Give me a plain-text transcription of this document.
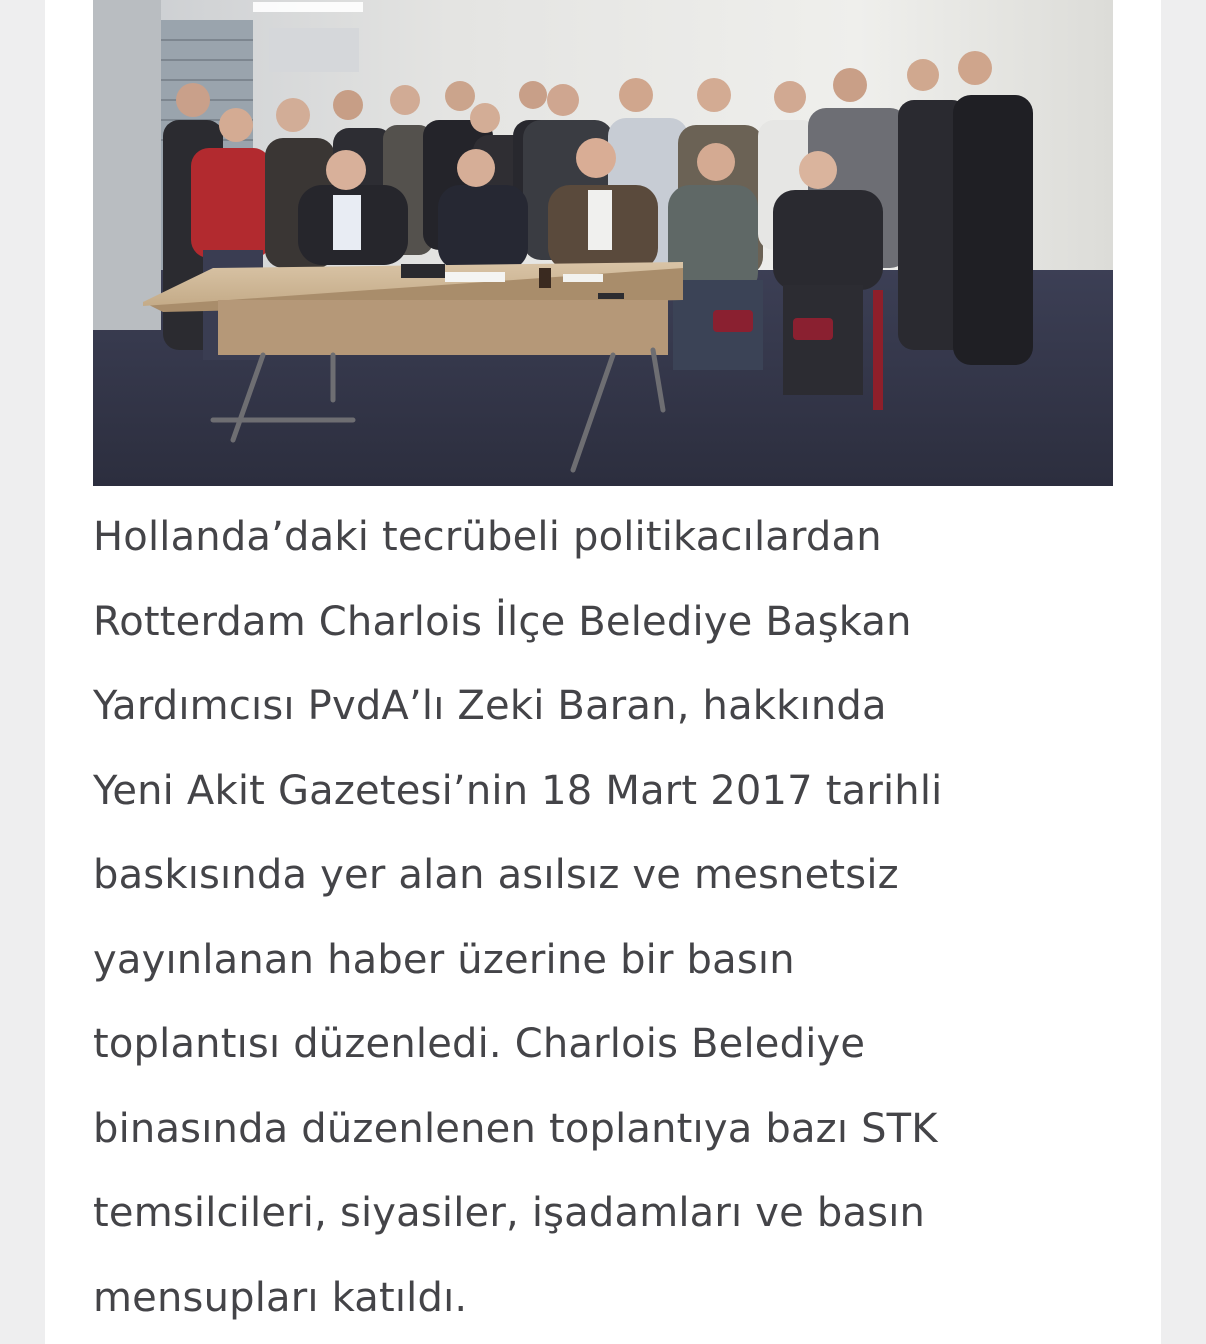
Hollanda’daki tecrübeli politikacılardan
Rotterdam Charlois İlçe Belediye Başkan
Yardımcısı PvdA’lı Zeki Baran, hakkında
Yeni Akit Gazetesi’nin 18 Mart 2017 tarihli
baskısında yer alan asılsız ve mesnetsiz
yayınlanan haber üzerine bir basın
toplantısı düzenledi. Charlois Belediye
binasında düzenlenen toplantıya bazı STK
temsilcileri, siyasiler, işadamları ve basın
mensupları katıldı.
